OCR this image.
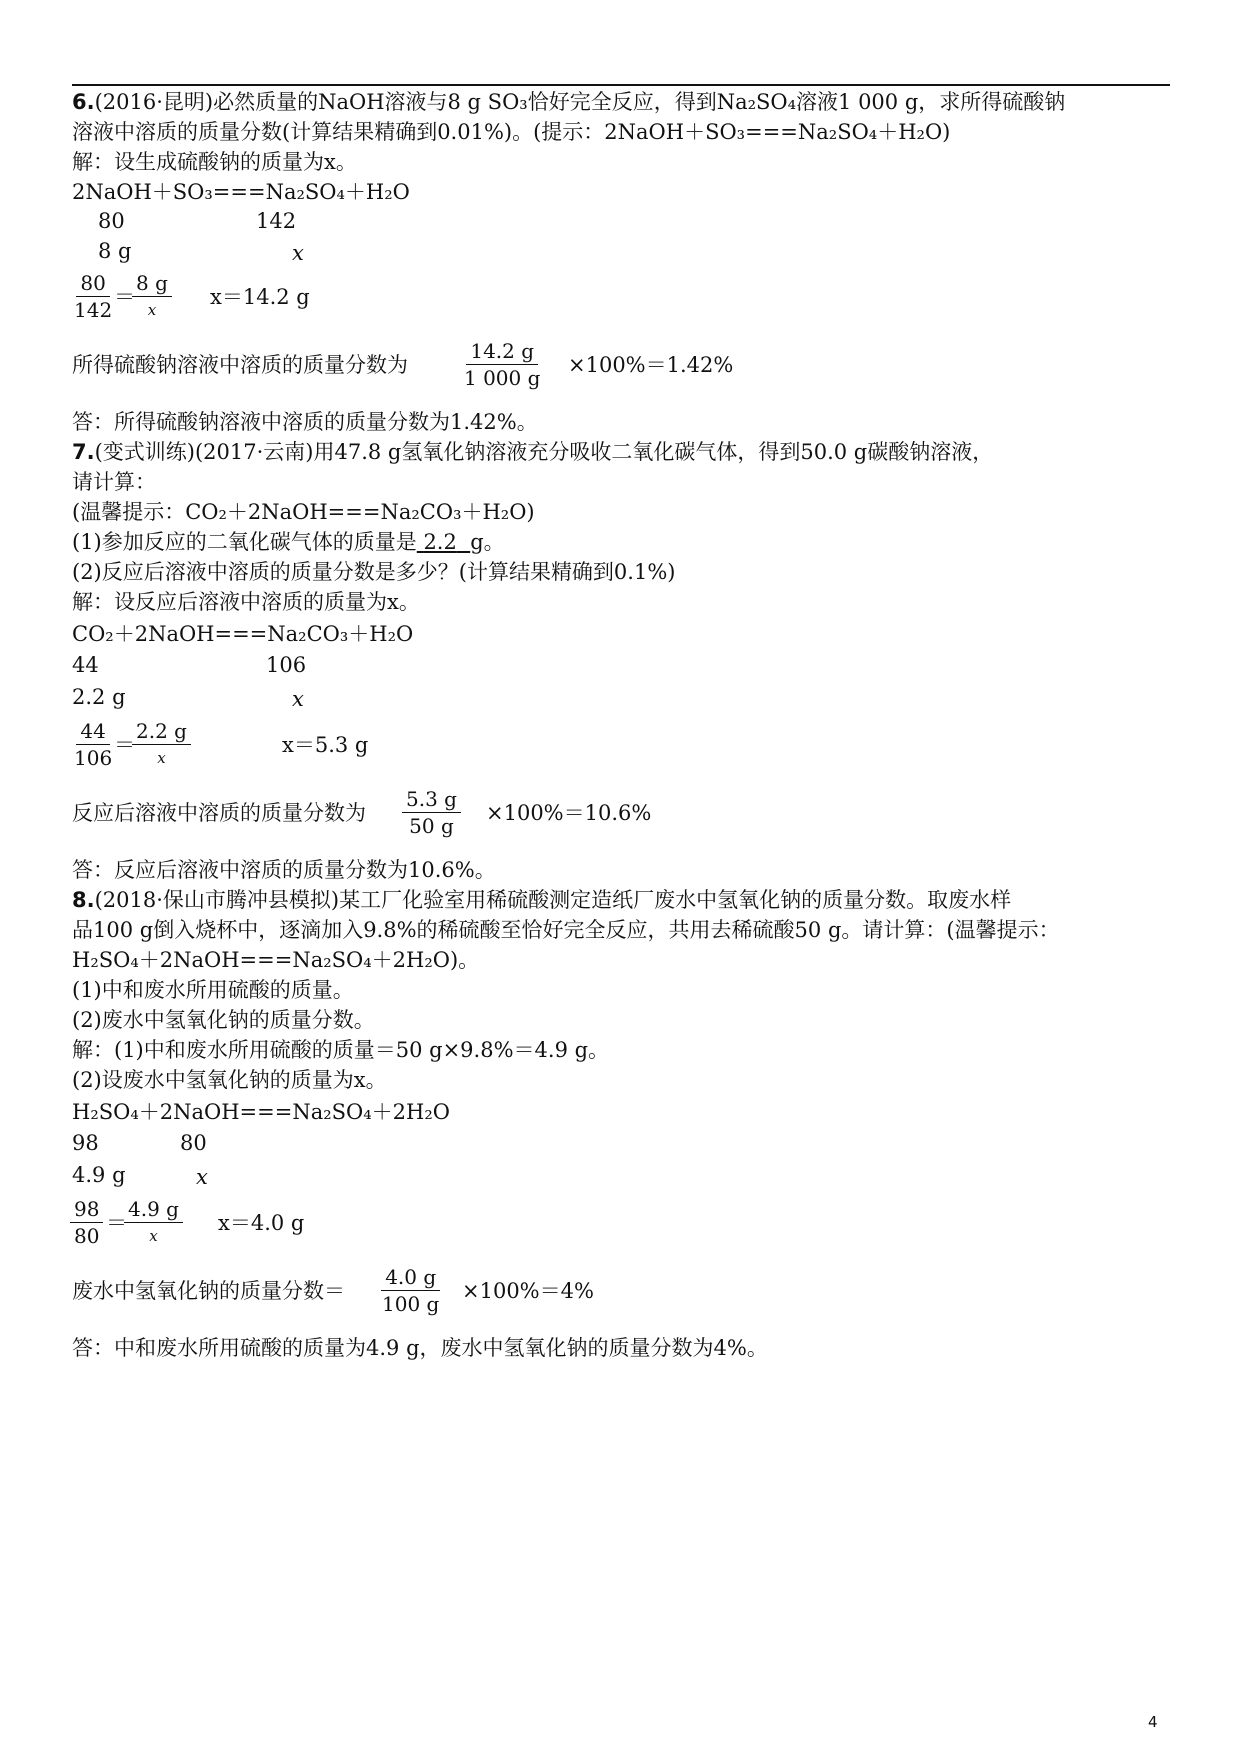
6.(2016·昆明)必然质量的NaOH溶液与8 g SO₃恰好完全反应，得到Na₂SO₄溶液1 000 g，求所得硫酸钠
溶液中溶质的质量分数(计算结果精确到0.01%)。(提示：2NaOH＋SO₃===Na₂SO₄＋H₂O)
解：设生成硫酸钠的质量为x。
2NaOH＋SO₃===Na₂SO₄＋H₂O
80	142
8 g	x
$\frac{80}{142}$
＝
8 g
x
x＝14.2 g
所得硫酸钠溶液中溶质的质量分数为	$\frac{14.2 g}{1 000 g} \times 100\%=1.42\%$
答：所得硫酸钠溶液中溶质的质量分数为1.42%。
7.(变式训练)(2017·云南)用47.8 g氢氧化钠溶液充分吸收二氧化碳气体，得到50.0 g碳酸钠溶液，
请计算：
(温馨提示：CO₂＋2NaOH===Na₂CO₃＋H₂O)
(1)参加反应的二氧化碳气体的质量是 2.2 g。
(2)反应后溶液中溶质的质量分数是多少？(计算结果精确到0.1%)
解：设反应后溶液中溶质的质量为x。
CO₂＋2NaOH===Na₂CO₃＋H₂O
44	106
2.2 g	x
$\frac{44}{106}$
＝
2.2 g
x
x＝5.3 g
反应后溶液中溶质的质量分数为 $\frac{5.3 g}{50 g} \times 100\%=10.6\%$
答：反应后溶液中溶质的质量分数为10.6%。
8.(2018·保山市腾冲县模拟)某工厂化验室用稀硫酸测定造纸厂废水中氢氧化钠的质量分数。取废水样
品100 g倒入烧杯中，逐滴加入9.8%的稀硫酸至恰好完全反应，共用去稀硫酸50 g。请计算：(温馨提示：
H₂SO₄＋2NaOH===Na₂SO₄＋2H₂O)。
(1)中和废水所用硫酸的质量。
(2)废水中氢氧化钠的质量分数。
解：(1)中和废水所用硫酸的质量＝50 g×9.8%＝4.9 g。
(2)设废水中氢氧化钠的质量为x。
H₂SO₄＋2NaOH===Na₂SO₄＋2H₂O
98	80
4.9 g	x
$\frac{98}{80}$ ＝
4.9 g
x
x＝4.0 g
废水中氢氧化钠的质量分数＝ $\frac{4.0 g}{100 g} \times 100\%=4\%$
答：中和废水所用硫酸的质量为4.9 g，废水中氢氧化钠的质量分数为4%。
4
